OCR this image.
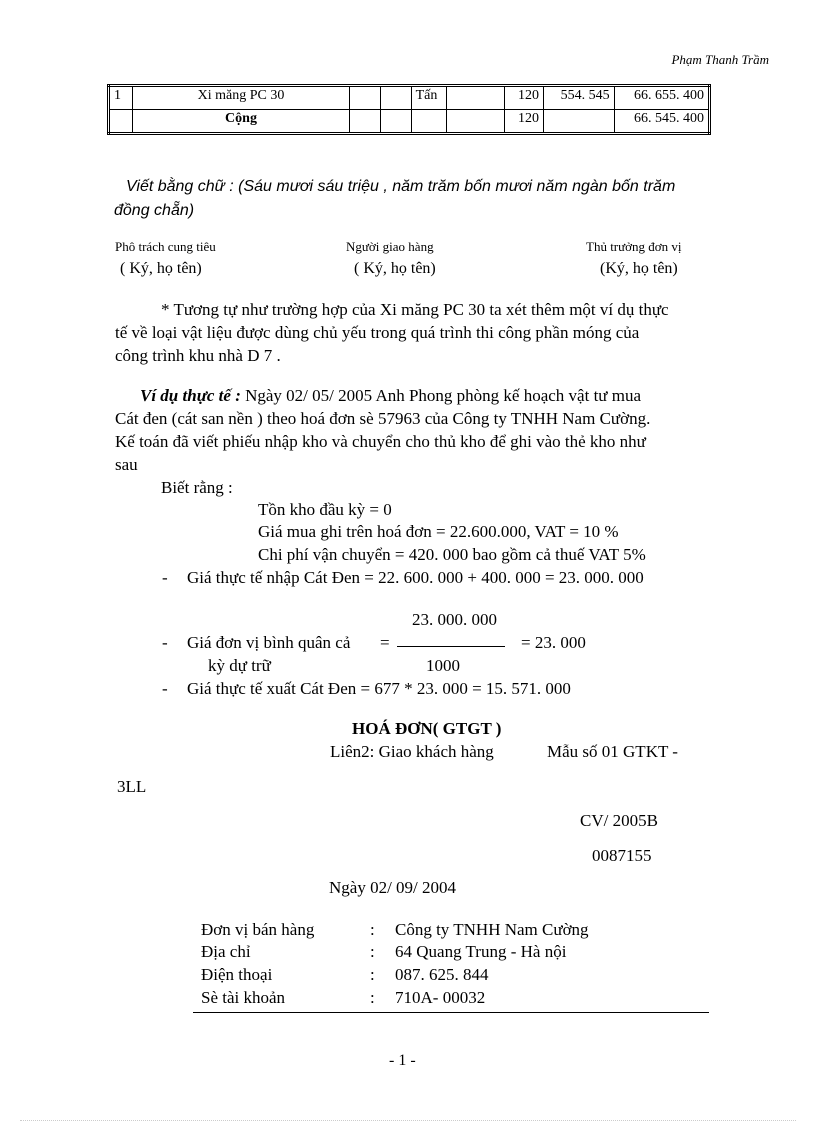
Phạm Thanh Trầm
1	Xi măng PC 30			Tấn		120	554. 545	66. 655. 400
	Cộng					120		66. 545. 400
Viết bằng chữ : (Sáu mươi sáu triệu , năm trăm bốn mươi năm ngàn bốn trăm
đồng chẵn)
Phô trách cung tiêu
( Ký, họ tên)
Người giao hàng
( Ký, họ tên)
Thủ trưởng đơn vị
(Ký, họ tên)
* Tương tự như trường hợp của Xi măng PC 30 ta xét thêm một ví dụ thực
tế về loại vật liệu được dùng chủ yếu trong quá trình thi công phần móng của
công trình khu nhà D 7 .
Ví dụ thực tế : Ngày 02/ 05/ 2005 Anh Phong phòng kế hoạch vật tư mua
Cát đen (cát san nền ) theo hoá đơn sè 57963 của Công ty TNHH Nam Cường.
Kế toán đã viết phiếu nhập kho và chuyển cho thủ kho để ghi vào thẻ kho như
sau
Biết rằng :
Tồn kho đầu kỳ = 0
Giá mua ghi trên hoá đơn = 22.600.000, VAT = 10 %
Chi phí vận chuyển = 420. 000 bao gồm cả thuế VAT 5%
- Giá thực tế nhập Cát Đen = 22. 600. 000 + 400. 000 = 23. 000. 000
23. 000. 000
- Giá đơn vị bình quân cả =	= 23. 000
kỳ dự trữ	1000
- Giá thực tế xuất Cát Đen = 677 * 23. 000 = 15. 571. 000
HOÁ ĐƠN( GTGT )
Liên2: Giao khách hàng	Mẫu số 01 GTKT -
3LL
CV/ 2005B
0087155
Ngày 02/ 09/ 2004
Đơn vị bán hàng	: Công ty TNHH Nam Cường
Địa chỉ	: 64 Quang Trung - Hà nội
Điện thoại	: 087. 625. 844
Sè tài khoản	: 710A- 00032
- 1 -
